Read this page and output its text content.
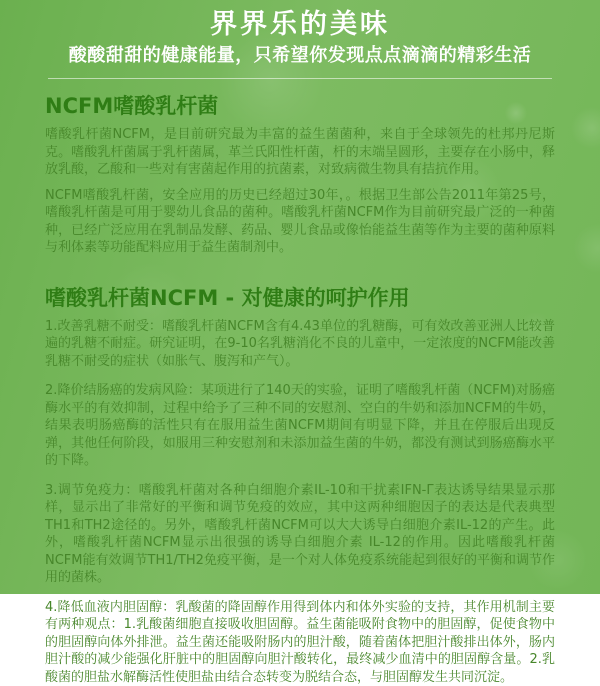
界界乐的美味
酸酸甜甜的健康能量，只希望你发现点点滴滴的精彩生活
NCFM嗜酸乳杆菌

嗜酸乳杆菌NCFM，是目前研究最为丰富的益生菌菌种，来自于全球领先的杜邦丹尼斯克。嗜酸乳杆菌属于乳杆菌属，革兰氏阳性杆菌，杆的末端呈圆形，主要存在小肠中，释放乳酸，乙酸和一些对有害菌起作用的抗菌素，对致病微生物具有拮抗作用。

NCFM嗜酸乳杆菌，安全应用的历史已经超过30年，。根据卫生部公告2011年第25号，嗜酸乳杆菌是可用于婴幼儿食品的菌种。嗜酸乳杆菌NCFM作为目前研究最广泛的一种菌种，已经广泛应用在乳制品发酵、药品、婴儿食品或像怡能益生菌等作为主要的菌种原料与利体素等功能配料应用于益生菌制剂中。

嗜酸乳杆菌NCFM - 对健康的呵护作用

1.改善乳糖不耐受：嗜酸乳杆菌NCFM含有4.43单位的乳糖酶，可有效改善亚洲人比较普遍的乳糖不耐症。研究证明，在9-10名乳糖消化不良的儿童中，一定浓度的NCFM能改善乳糖不耐受的症状（如胀气、腹泻和产气）。

2.降价结肠癌的发病风险：某项进行了140天的实验，证明了嗜酸乳杆菌（NCFM)对肠癌酶水平的有效抑制，过程中给予了三种不同的安慰剂、空白的牛奶和添加NCFM的牛奶，结果表明肠癌酶的活性只有在服用益生菌NCFM期间有明显下降，并且在停服后出现反弹，其他任何阶段，如服用三种安慰剂和未添加益生菌的牛奶，都没有测试到肠癌酶水平的下降。

3.调节免疫力：嗜酸乳杆菌对各种白细胞介素IL-10和干扰素IFN-Γ表达诱导结果显示那样，显示出了非常好的平衡和调节免疫的效应，其中这两种细胞因子的表达是代表典型TH1和TH2途径的。另外，嗜酸乳杆菌NCFM可以大大诱导白细胞介素IL-12的产生。此外，嗜酸乳杆菌NCFM显示出很强的诱导白细胞介素 IL-12的作用。因此嗜酸乳杆菌NCFM能有效调节TH1/TH2免疫平衡，是一个对人体免疫系统能起到很好的平衡和调节作用的菌株。

4.降低血液内胆固醇：乳酸菌的降固醇作用得到体内和体外实验的支持，其作用机制主要有两种观点：1.乳酸菌细胞直接吸收胆固醇。益生菌能吸附食物中的胆固醇，促使食物中的胆固醇向体外排泄。益生菌还能吸附肠内的胆汁酸，随着菌体把胆汁酸排出体外，肠内胆汁酸的减少能强化肝脏中的胆固醇向胆汁酸转化，最终减少血清中的胆固醇含量。2.乳酸菌的胆盐水解酶活性使胆盐由结合态转变为脱结合态，与胆固醇发生共同沉淀。
